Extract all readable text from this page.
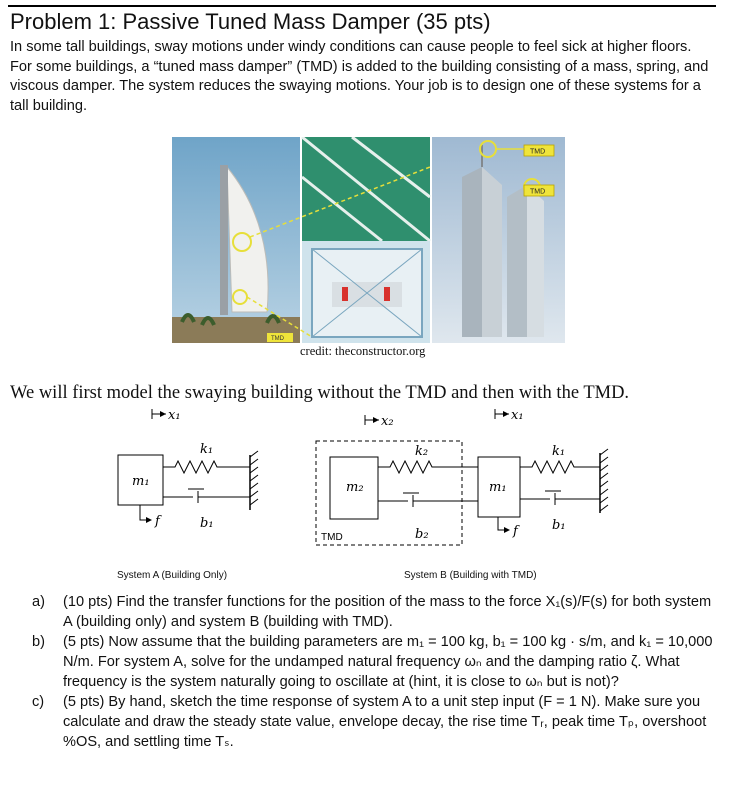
Problem 1: Passive Tuned Mass Damper (35 pts)

In some tall buildings, sway motions under windy conditions can cause people to feel sick at higher floors. For some buildings, a “tuned mass damper” (TMD) is added to the building consisting of a mass, spring, and viscous damper. The system reduces the swaying motions. Your job is to design one of these systems for a tall building.

TMD
TMD
TMD
credit: theconstructor.org

We will first model the swaying building without the TMD and then with the TMD.

x₁
m₁
k₁
b₁
f
x₂	x₁
TMD
m₂
k₂
b₂
m₁
k₁
b₁
f
System A (Building Only)	System B (Building with TMD)
a) (10 pts) Find the transfer functions for the position of the mass to the force X₁(s)/F(s) for both system A (building only) and system B (building with TMD).
b) (5 pts) Now assume that the building parameters are m₁ = 100 kg, b₁ = 100 kg · s/m, and k₁ = 10,000 N/m. For system A, solve for the undamped natural frequency ωₙ and the damping ratio ζ. What frequency is the system naturally going to oscillate at (hint, it is close to ωₙ but is not)?
c) (5 pts) By hand, sketch the time response of system A to a unit step input (F = 1 N). Make sure you calculate and draw the steady state value, envelope decay, the rise time Tᵣ, peak time Tₚ, overshoot %OS, and settling time Tₛ.
